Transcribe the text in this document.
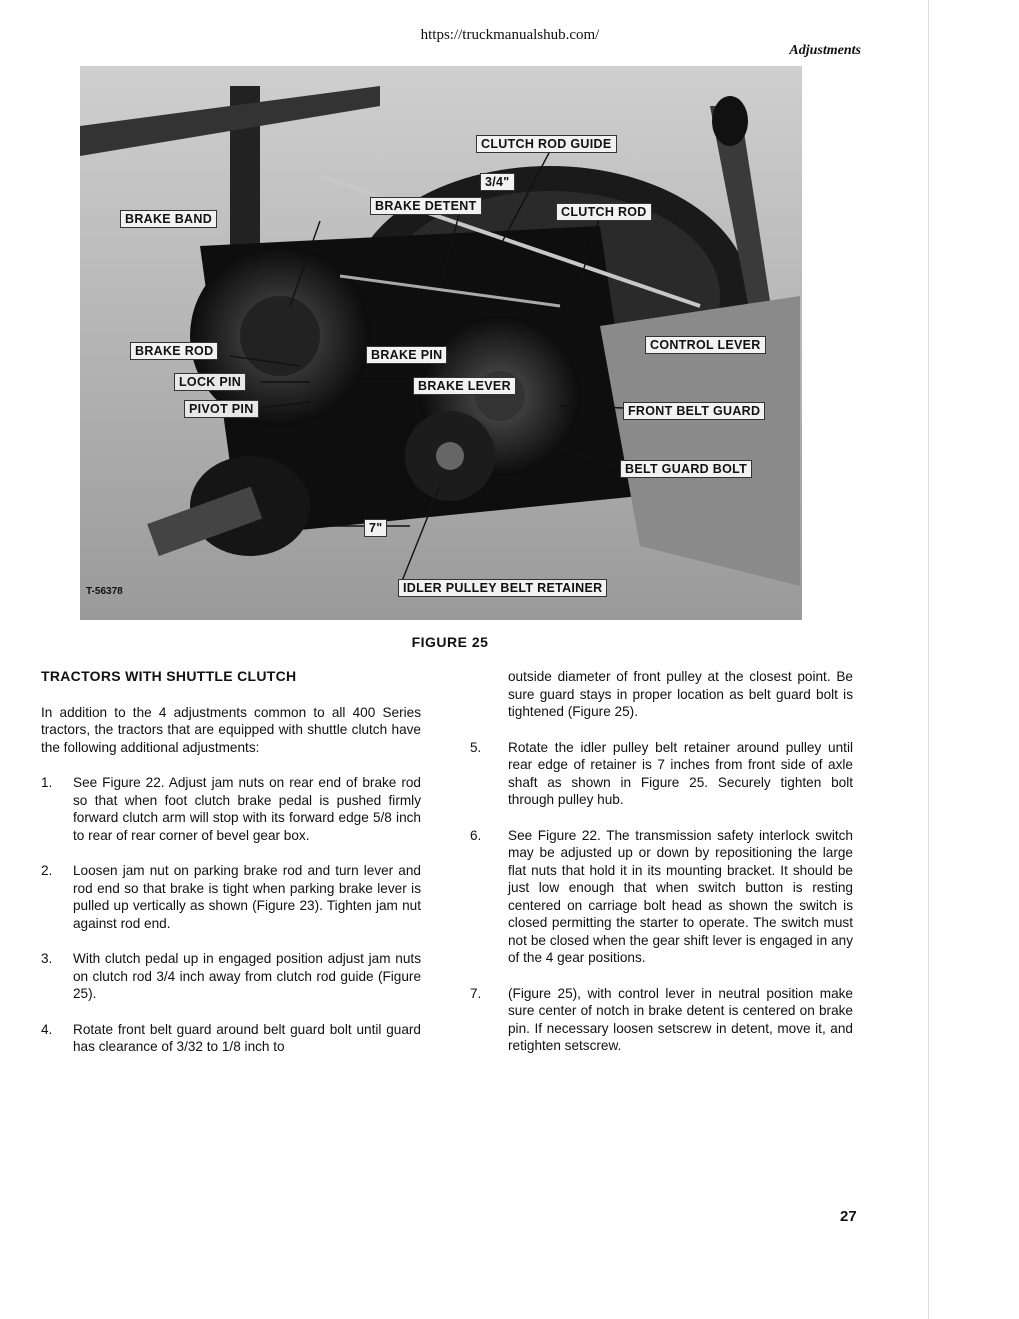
https://truckmanualshub.com/
Adjustments
CLUTCH ROD GUIDE
3/4"
BRAKE BAND
BRAKE DETENT	CLUTCH ROD
BRAKE ROD	BRAKE PIN
CONTROL LEVER
LOCK PIN	BRAKE LEVER
PIVOT PIN	FRONT BELT GUARD
BELT GUARD BOLT
7"
IDLER PULLEY BELT RETAINER
T-56378
FIGURE 25
TRACTORS WITH SHUTTLE CLUTCH

In addition to the 4 adjustments common to all 400 Series tractors, the tractors that are equipped with shuttle clutch have the following additional adjustments:

1. See Figure 22. Adjust jam nuts on rear end of brake rod so that when foot clutch brake pedal is pushed firmly forward clutch arm will stop with its forward edge 5/8 inch to rear of rear corner of bevel gear box.
2. Loosen jam nut on parking brake rod and turn lever and rod end so that brake is tight when parking brake lever is pulled up vertically as shown (Figure 23). Tighten jam nut against rod end.
3. With clutch pedal up in engaged position adjust jam nuts on clutch rod 3/4 inch away from clutch rod guide (Figure 25).
4. Rotate front belt guard around belt guard bolt until guard has clearance of 3/32 to 1/8 inch to
outside diameter of front pulley at the closest point. Be sure guard stays in proper location as belt guard bolt is tightened (Figure 25).
5. Rotate the idler pulley belt retainer around pulley until rear edge of retainer is 7 inches from front side of axle shaft as shown in Figure 25. Securely tighten bolt through pulley hub.
6. See Figure 22. The transmission safety interlock switch may be adjusted up or down by repositioning the large flat nuts that hold it in its mounting bracket. It should be just low enough that when switch button is resting centered on carriage bolt head as shown the switch is closed permitting the starter to operate. The switch must not be closed when the gear shift lever is engaged in any of the 4 gear positions.
7. (Figure 25), with control lever in neutral position make sure center of notch in brake detent is centered on brake pin. If necessary loosen setscrew in detent, move it, and retighten setscrew.
27
